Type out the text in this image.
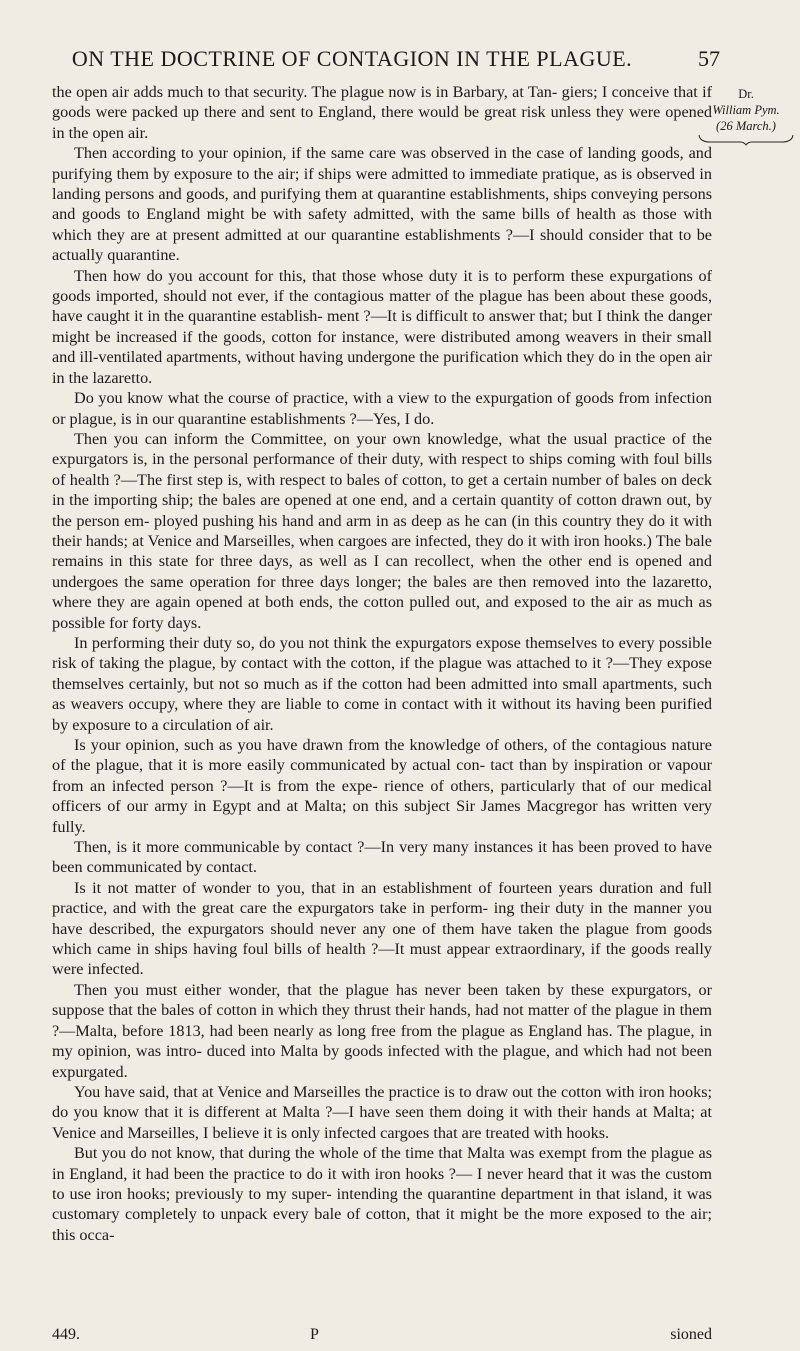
ON THE DOCTRINE OF CONTAGION IN THE PLAGUE.	57
Dr.
William Pym.
(26 March.)

the open air adds much to that security. The plague now is in Barbary, at Tan- giers; I conceive that if goods were packed up there and sent to England, there would be great risk unless they were opened in the open air.

Then according to your opinion, if the same care was observed in the case of landing goods, and purifying them by exposure to the air; if ships were admitted to immediate pratique, as is observed in landing persons and goods, and purifying them at quarantine establishments, ships conveying persons and goods to England might be with safety admitted, with the same bills of health as those with which they are at present admitted at our quarantine establishments ?—I should consider that to be actually quarantine.

Then how do you account for this, that those whose duty it is to perform these expurgations of goods imported, should not ever, if the contagious matter of the plague has been about these goods, have caught it in the quarantine establish- ment ?—It is difficult to answer that; but I think the danger might be increased if the goods, cotton for instance, were distributed among weavers in their small and ill-ventilated apartments, without having undergone the purification which they do in the open air in the lazaretto.

Do you know what the course of practice, with a view to the expurgation of goods from infection or plague, is in our quarantine establishments ?—Yes, I do.

Then you can inform the Committee, on your own knowledge, what the usual practice of the expurgators is, in the personal performance of their duty, with respect to ships coming with foul bills of health ?—The first step is, with respect to bales of cotton, to get a certain number of bales on deck in the importing ship; the bales are opened at one end, and a certain quantity of cotton drawn out, by the person em- ployed pushing his hand and arm in as deep as he can (in this country they do it with their hands; at Venice and Marseilles, when cargoes are infected, they do it with iron hooks.) The bale remains in this state for three days, as well as I can recollect, when the other end is opened and undergoes the same operation for three days longer; the bales are then removed into the lazaretto, where they are again opened at both ends, the cotton pulled out, and exposed to the air as much as possible for forty days.

In performing their duty so, do you not think the expurgators expose themselves to every possible risk of taking the plague, by contact with the cotton, if the plague was attached to it ?—They expose themselves certainly, but not so much as if the cotton had been admitted into small apartments, such as weavers occupy, where they are liable to come in contact with it without its having been purified by exposure to a circulation of air.

Is your opinion, such as you have drawn from the knowledge of others, of the contagious nature of the plague, that it is more easily communicated by actual con- tact than by inspiration or vapour from an infected person ?—It is from the expe- rience of others, particularly that of our medical officers of our army in Egypt and at Malta; on this subject Sir James Macgregor has written very fully.

Then, is it more communicable by contact ?—In very many instances it has been proved to have been communicated by contact.

Is it not matter of wonder to you, that in an establishment of fourteen years duration and full practice, and with the great care the expurgators take in perform- ing their duty in the manner you have described, the expurgators should never any one of them have taken the plague from goods which came in ships having foul bills of health ?—It must appear extraordinary, if the goods really were infected.

Then you must either wonder, that the plague has never been taken by these expurgators, or suppose that the bales of cotton in which they thrust their hands, had not matter of the plague in them ?—Malta, before 1813, had been nearly as long free from the plague as England has. The plague, in my opinion, was intro- duced into Malta by goods infected with the plague, and which had not been expurgated.

You have said, that at Venice and Marseilles the practice is to draw out the cotton with iron hooks; do you know that it is different at Malta ?—I have seen them doing it with their hands at Malta; at Venice and Marseilles, I believe it is only infected cargoes that are treated with hooks.

But you do not know, that during the whole of the time that Malta was exempt from the plague as in England, it had been the practice to do it with iron hooks ?— I never heard that it was the custom to use iron hooks; previously to my super- intending the quarantine department in that island, it was customary completely to unpack every bale of cotton, that it might be the more exposed to the air; this occa-

449.	P	sioned
